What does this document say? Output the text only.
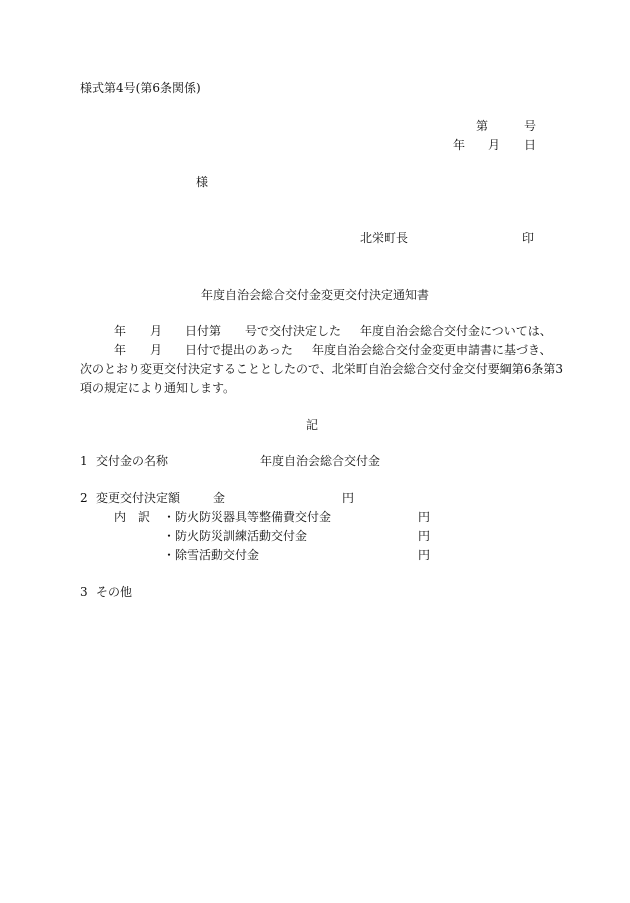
様式第4号(第6条関係)
第	号
年 月 日
様
北栄町長	印
年度自治会総合交付金変更交付決定通知書
年 月 日付第 号で交付決定した 年度自治会総合交付金については、
年 月 日付で提出のあった 年度自治会総合交付金変更申請書に基づき、
次のとおり変更交付決定することとしたので、北栄町自治会総合交付金交付要綱第6条第3
項の規定により通知します。
記
1 交付金の名称	年度自治会総合交付金
2 変更交付決定額	金	円
内　訳 ・防火防災器具等整備費交付金	円
・防火防災訓練活動交付金	円
・除雪活動交付金	円
3 その他
